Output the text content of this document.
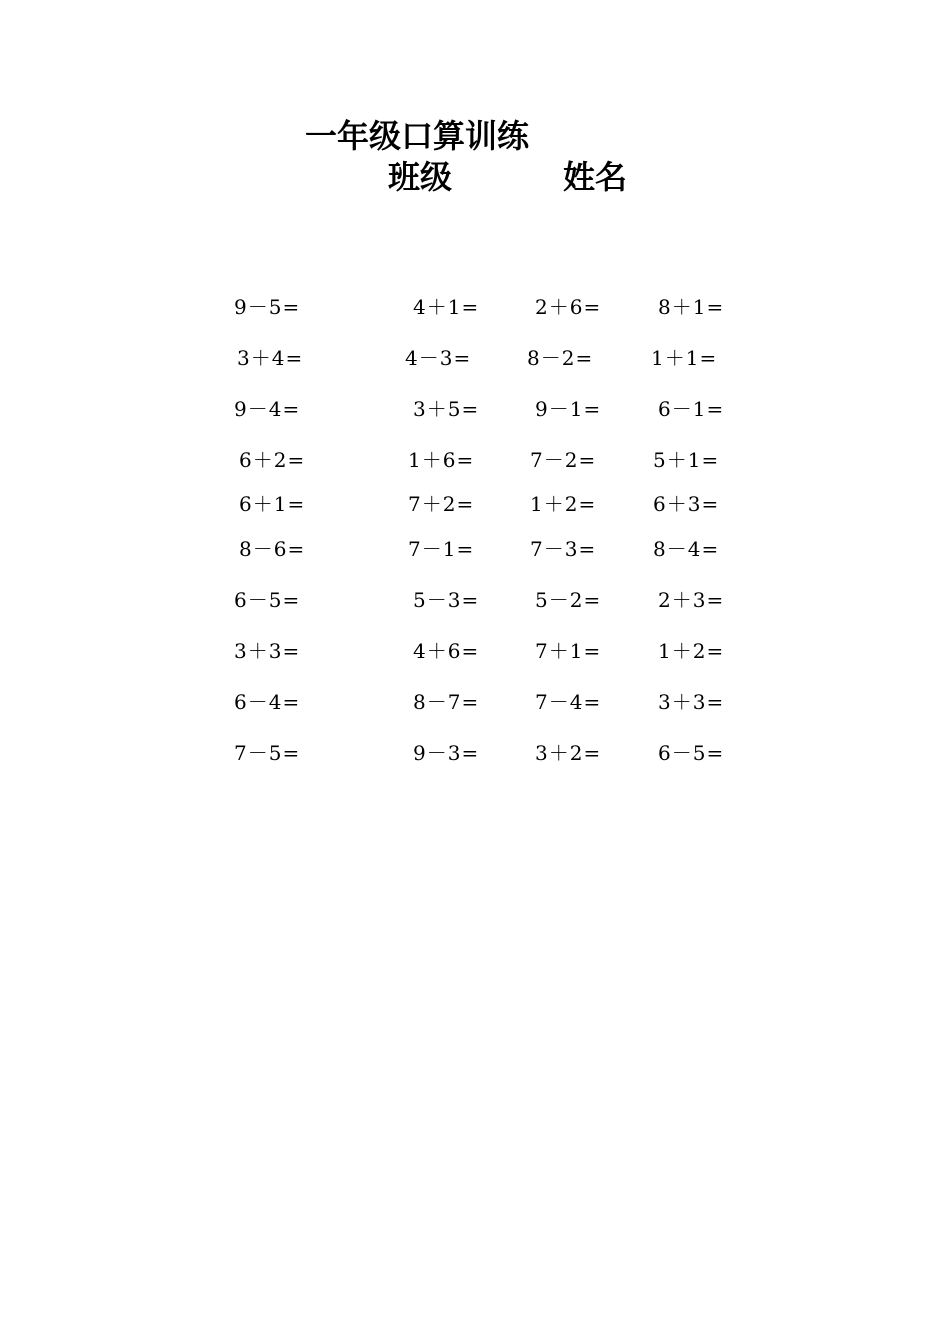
一年级口算训练
班级	姓名
9－5=	4＋1=	2＋6=	8＋1=
3＋4=	4－3=	8－2=	1＋1=
9－4=	3＋5=	9－1=	6－1=
6＋2=	1＋6=	7－2=	5＋1=
6＋1=	7＋2=	1＋2=	6＋3=
8－6=	7－1=	7－3=	8－4=
6－5=	5－3=	5－2=	2＋3=
3＋3=	4＋6=	7＋1=	1＋2=
6－4=	8－7=	7－4=	3＋3=
7－5=	9－3=	3＋2=	6－5=
